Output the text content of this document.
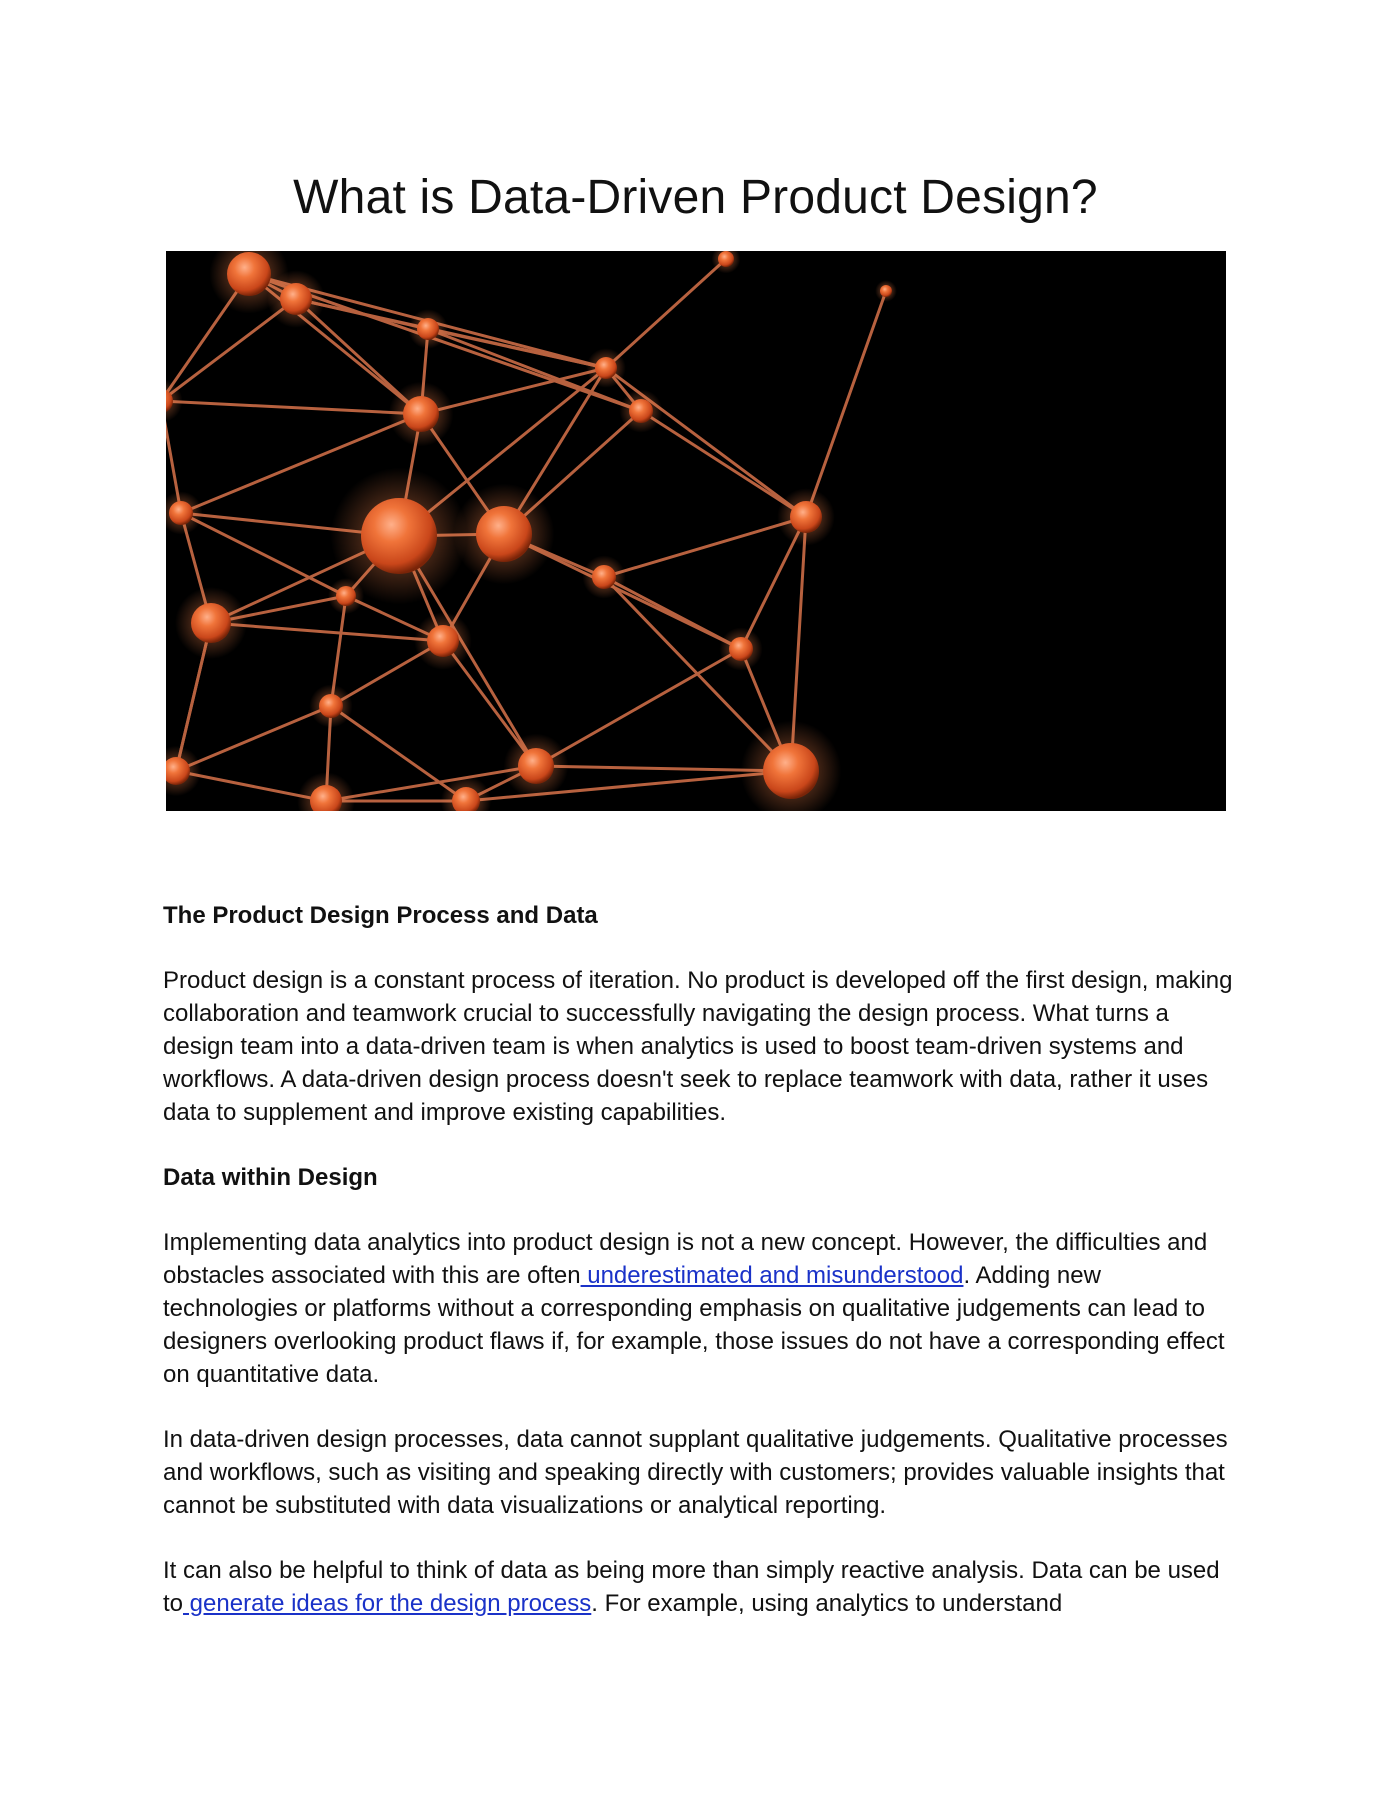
What is Data-Driven Product Design?
The Product Design Process and Data

Product design is a constant process of iteration. No product is developed off the first design, making collaboration and teamwork crucial to successfully navigating the design process. What turns a design team into a data-driven team is when analytics is used to boost team-driven systems and workflows. A data-driven design process doesn't seek to replace teamwork with data, rather it uses data to supplement and improve existing capabilities.

Data within Design

Implementing data analytics into product design is not a new concept. However, the difficulties and obstacles associated with this are often underestimated and misunderstood. Adding new technologies or platforms without a corresponding emphasis on qualitative judgements can lead to designers overlooking product flaws if, for example, those issues do not have a corresponding effect on quantitative data.

In data-driven design processes, data cannot supplant qualitative judgements. Qualitative processes and workflows, such as visiting and speaking directly with customers; provides valuable insights that cannot be substituted with data visualizations or analytical reporting.

It can also be helpful to think of data as being more than simply reactive analysis. Data can be used to generate ideas for the design process. For example, using analytics to understand
